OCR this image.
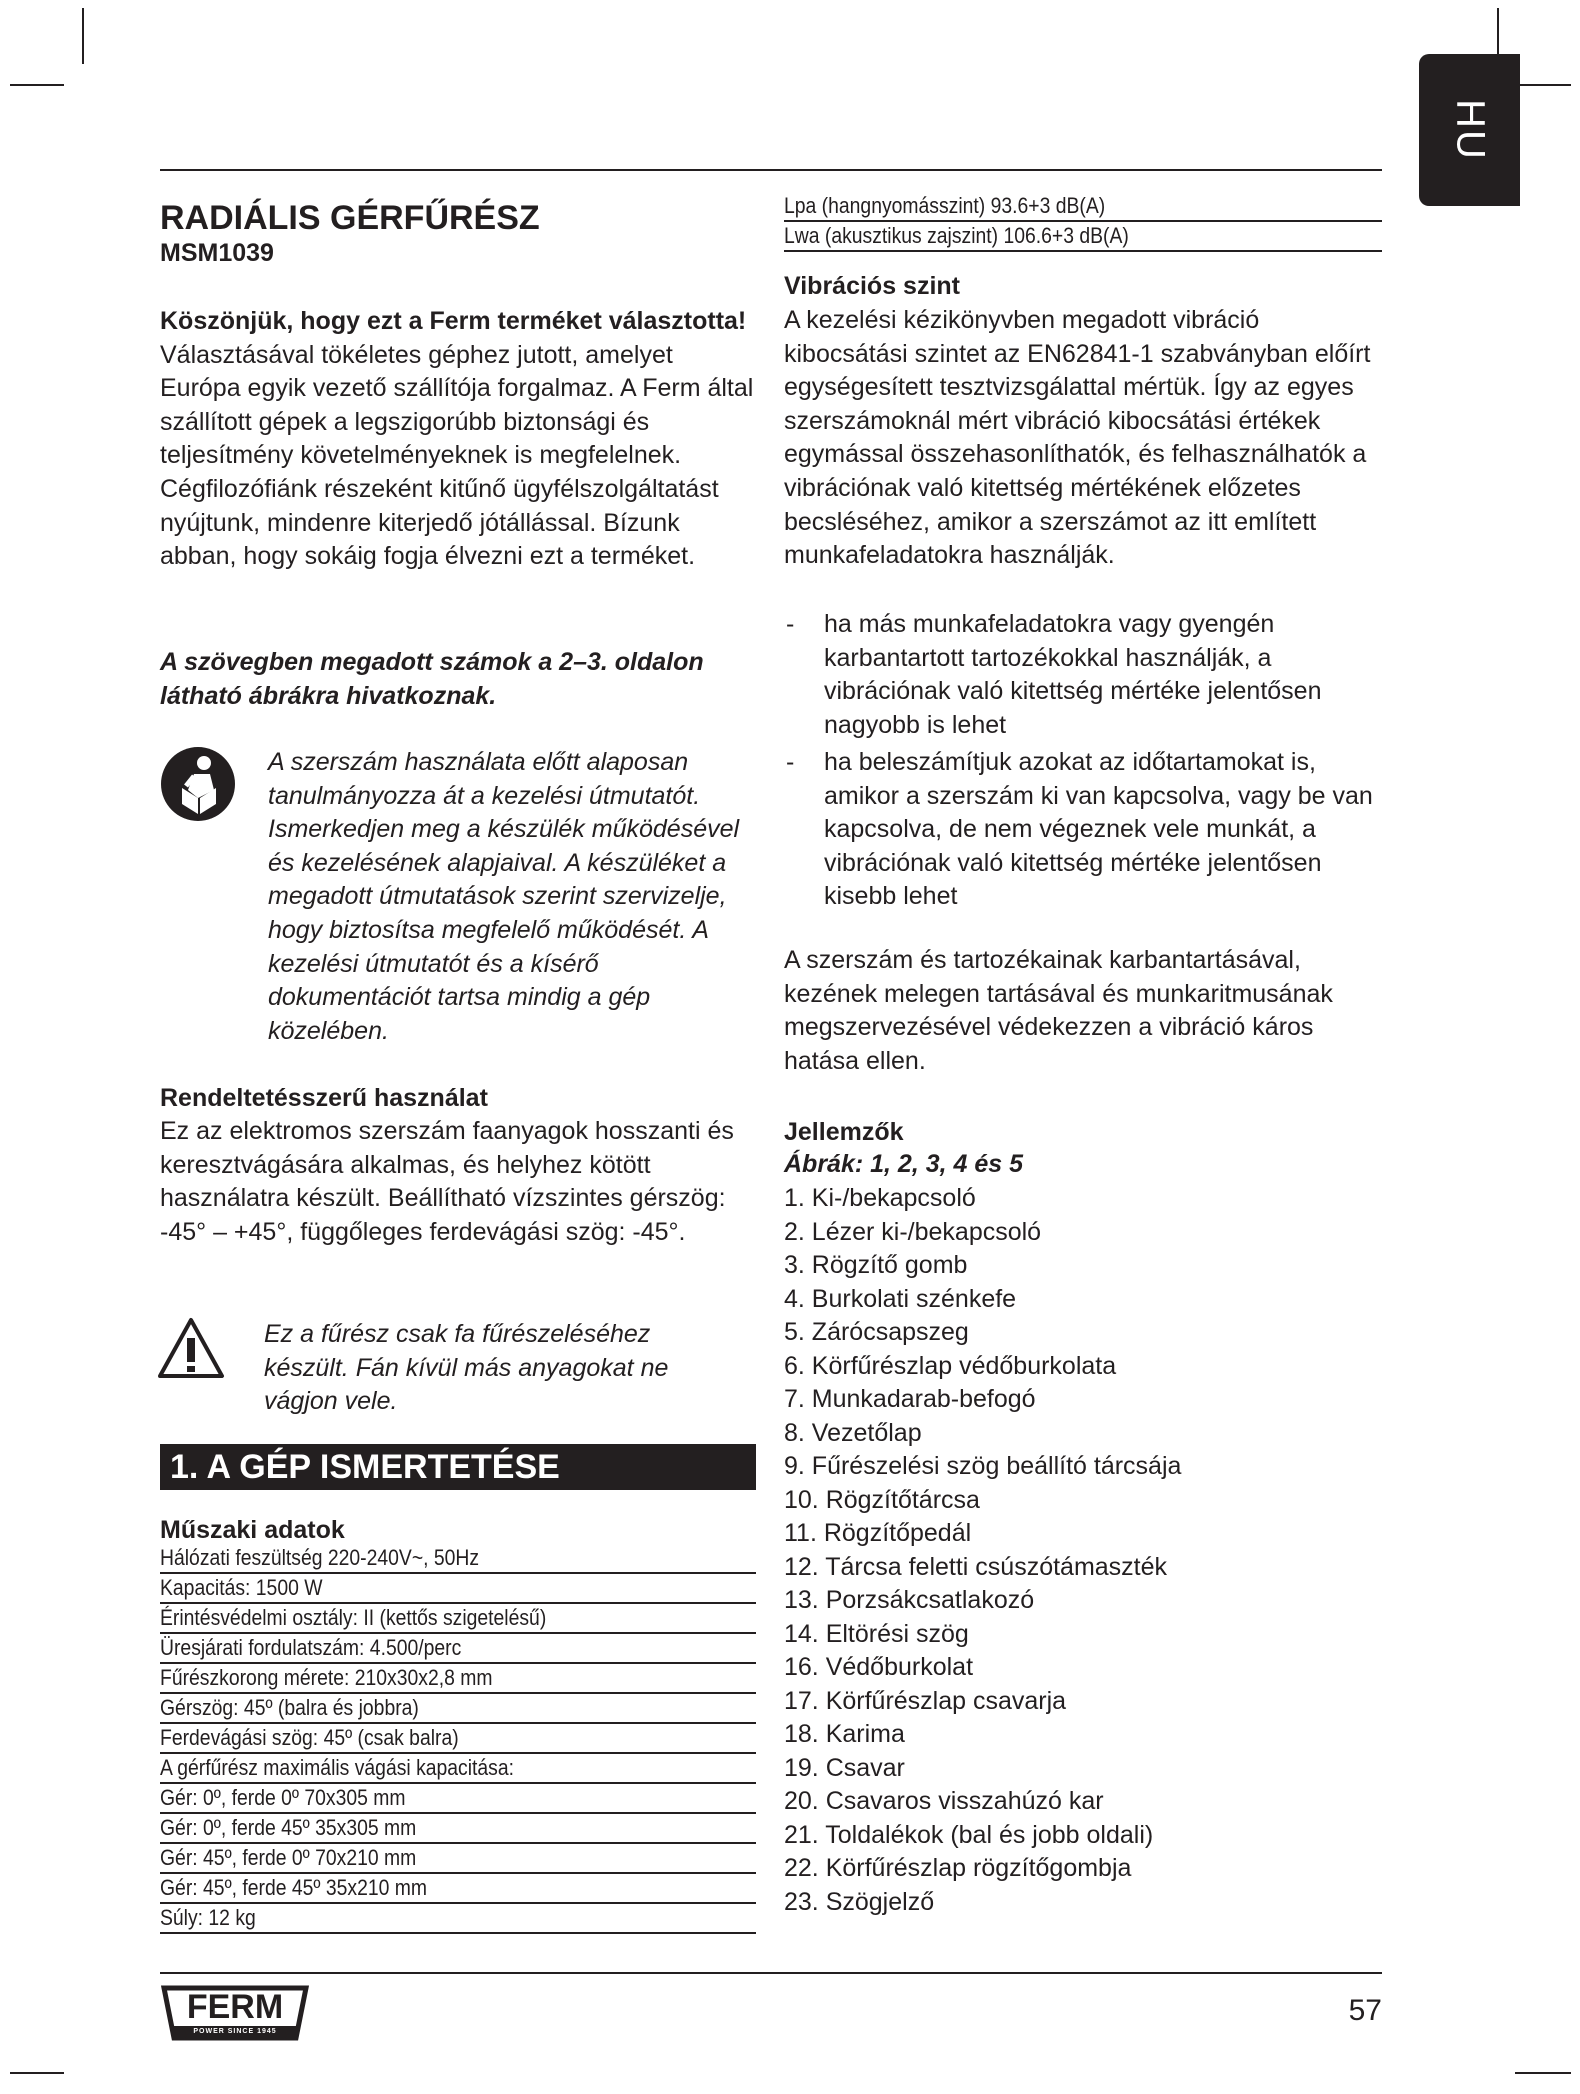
HU
RADIÁLIS GÉRFŰRÉSZ
MSM1039
Köszönjük, hogy ezt a Ferm terméket választotta! Választásával tökéletes géphez jutott, amelyet Európa egyik vezető szállítója forgalmaz. A Ferm által szállított gépek a legszigorúbb biztonsági és teljesítmény követelményeknek is megfelelnek. Cégfilozófiánk részeként kitűnő ügyfélszolgáltatást nyújtunk, mindenre kiterjedő jótállással. Bízunk abban, hogy sokáig fogja élvezni ezt a terméket.
A szövegben megadott számok a 2–3. oldalon látható ábrákra hivatkoznak.
A szerszám használata előtt alaposan tanulmányozza át a kezelési útmutatót. Ismerkedjen meg a készülék működésével és kezelésének alapjaival. A készüléket a megadott útmutatások szerint szervizelje, hogy biztosítsa megfelelő működését. A kezelési útmutatót és a kísérő dokumentációt tartsa mindig a gép közelében.
Rendeltetésszerű használat
Ez az elektromos szerszám faanyagok hosszanti és keresztvágására alkalmas, és helyhez kötött használatra készült. Beállítható vízszintes gérszög: -45° – +45°, függőleges ferdevágási szög: -45°.
Ez a fűrész csak fa fűrészeléséhez készült. Fán kívül más anyagokat ne vágjon vele.
1. A GÉP ISMERTETÉSE
Műszaki adatok
Hálózati feszültség 220-240V~, 50Hz
Kapacitás: 1500 W
Érintésvédelmi osztály: II (kettős szigetelésű)
Üresjárati fordulatszám: 4.500/perc
Fűrészkorong mérete: 210x30x2,8 mm
Gérszög: 45º (balra és jobbra)
Ferdevágási szög: 45º (csak balra)
A gérfűrész maximális vágási kapacitása:
Gér: 0º, ferde 0º 70x305 mm
Gér: 0º, ferde 45º 35x305 mm
Gér: 45º, ferde 0º 70x210 mm
Gér: 45º, ferde 45º 35x210 mm
Súly: 12 kg
Lpa (hangnyomásszint) 93.6+3 dB(A)
Lwa (akusztikus zajszint) 106.6+3 dB(A)
Vibrációs szint
A kezelési kézikönyvben megadott vibráció kibocsátási szintet az EN62841-1 szabványban előírt egységesített tesztvizsgálattal mértük. Így az egyes szerszámoknál mért vibráció kibocsátási értékek egymással összehasonlíthatók, és felhasználhatók a vibrációnak való kitettség mértékének előzetes becsléséhez, amikor a szerszámot az itt említett munkafeladatokra használják.
- ha más munkafeladatokra vagy gyengén karbantartott tartozékokkal használják, a vibrációnak való kitettség mértéke jelentősen nagyobb is lehet
- ha beleszámítjuk azokat az időtartamokat is, amikor a szerszám ki van kapcsolva, vagy be van kapcsolva, de nem végeznek vele munkát, a vibrációnak való kitettség mértéke jelentősen kisebb lehet
A szerszám és tartozékainak karbantartásával, kezének melegen tartásával és munkaritmusának megszervezésével védekezzen a vibráció káros hatása ellen.
Jellemzők
Ábrák: 1, 2, 3, 4 és 5
1. Ki-/bekapcsoló
2. Lézer ki-/bekapcsoló
3. Rögzítő gomb
4. Burkolati szénkefe
5. Zárócsapszeg
6. Körfűrészlap védőburkolata
7. Munkadarab-befogó
8. Vezetőlap
9. Fűrészelési szög beállító tárcsája
10. Rögzítőtárcsa
11. Rögzítőpedál
12. Tárcsa feletti csúszótámaszték
13. Porzsákcsatlakozó
14. Eltörési szög
16. Védőburkolat
17. Körfűrészlap csavarja
18. Karima
19. Csavar
20. Csavaros visszahúzó kar
21. Toldalékok (bal és jobb oldali)
22. Körfűrészlap rögzítőgombja
23. Szögjelző
FERM
POWER SINCE 1945
57
